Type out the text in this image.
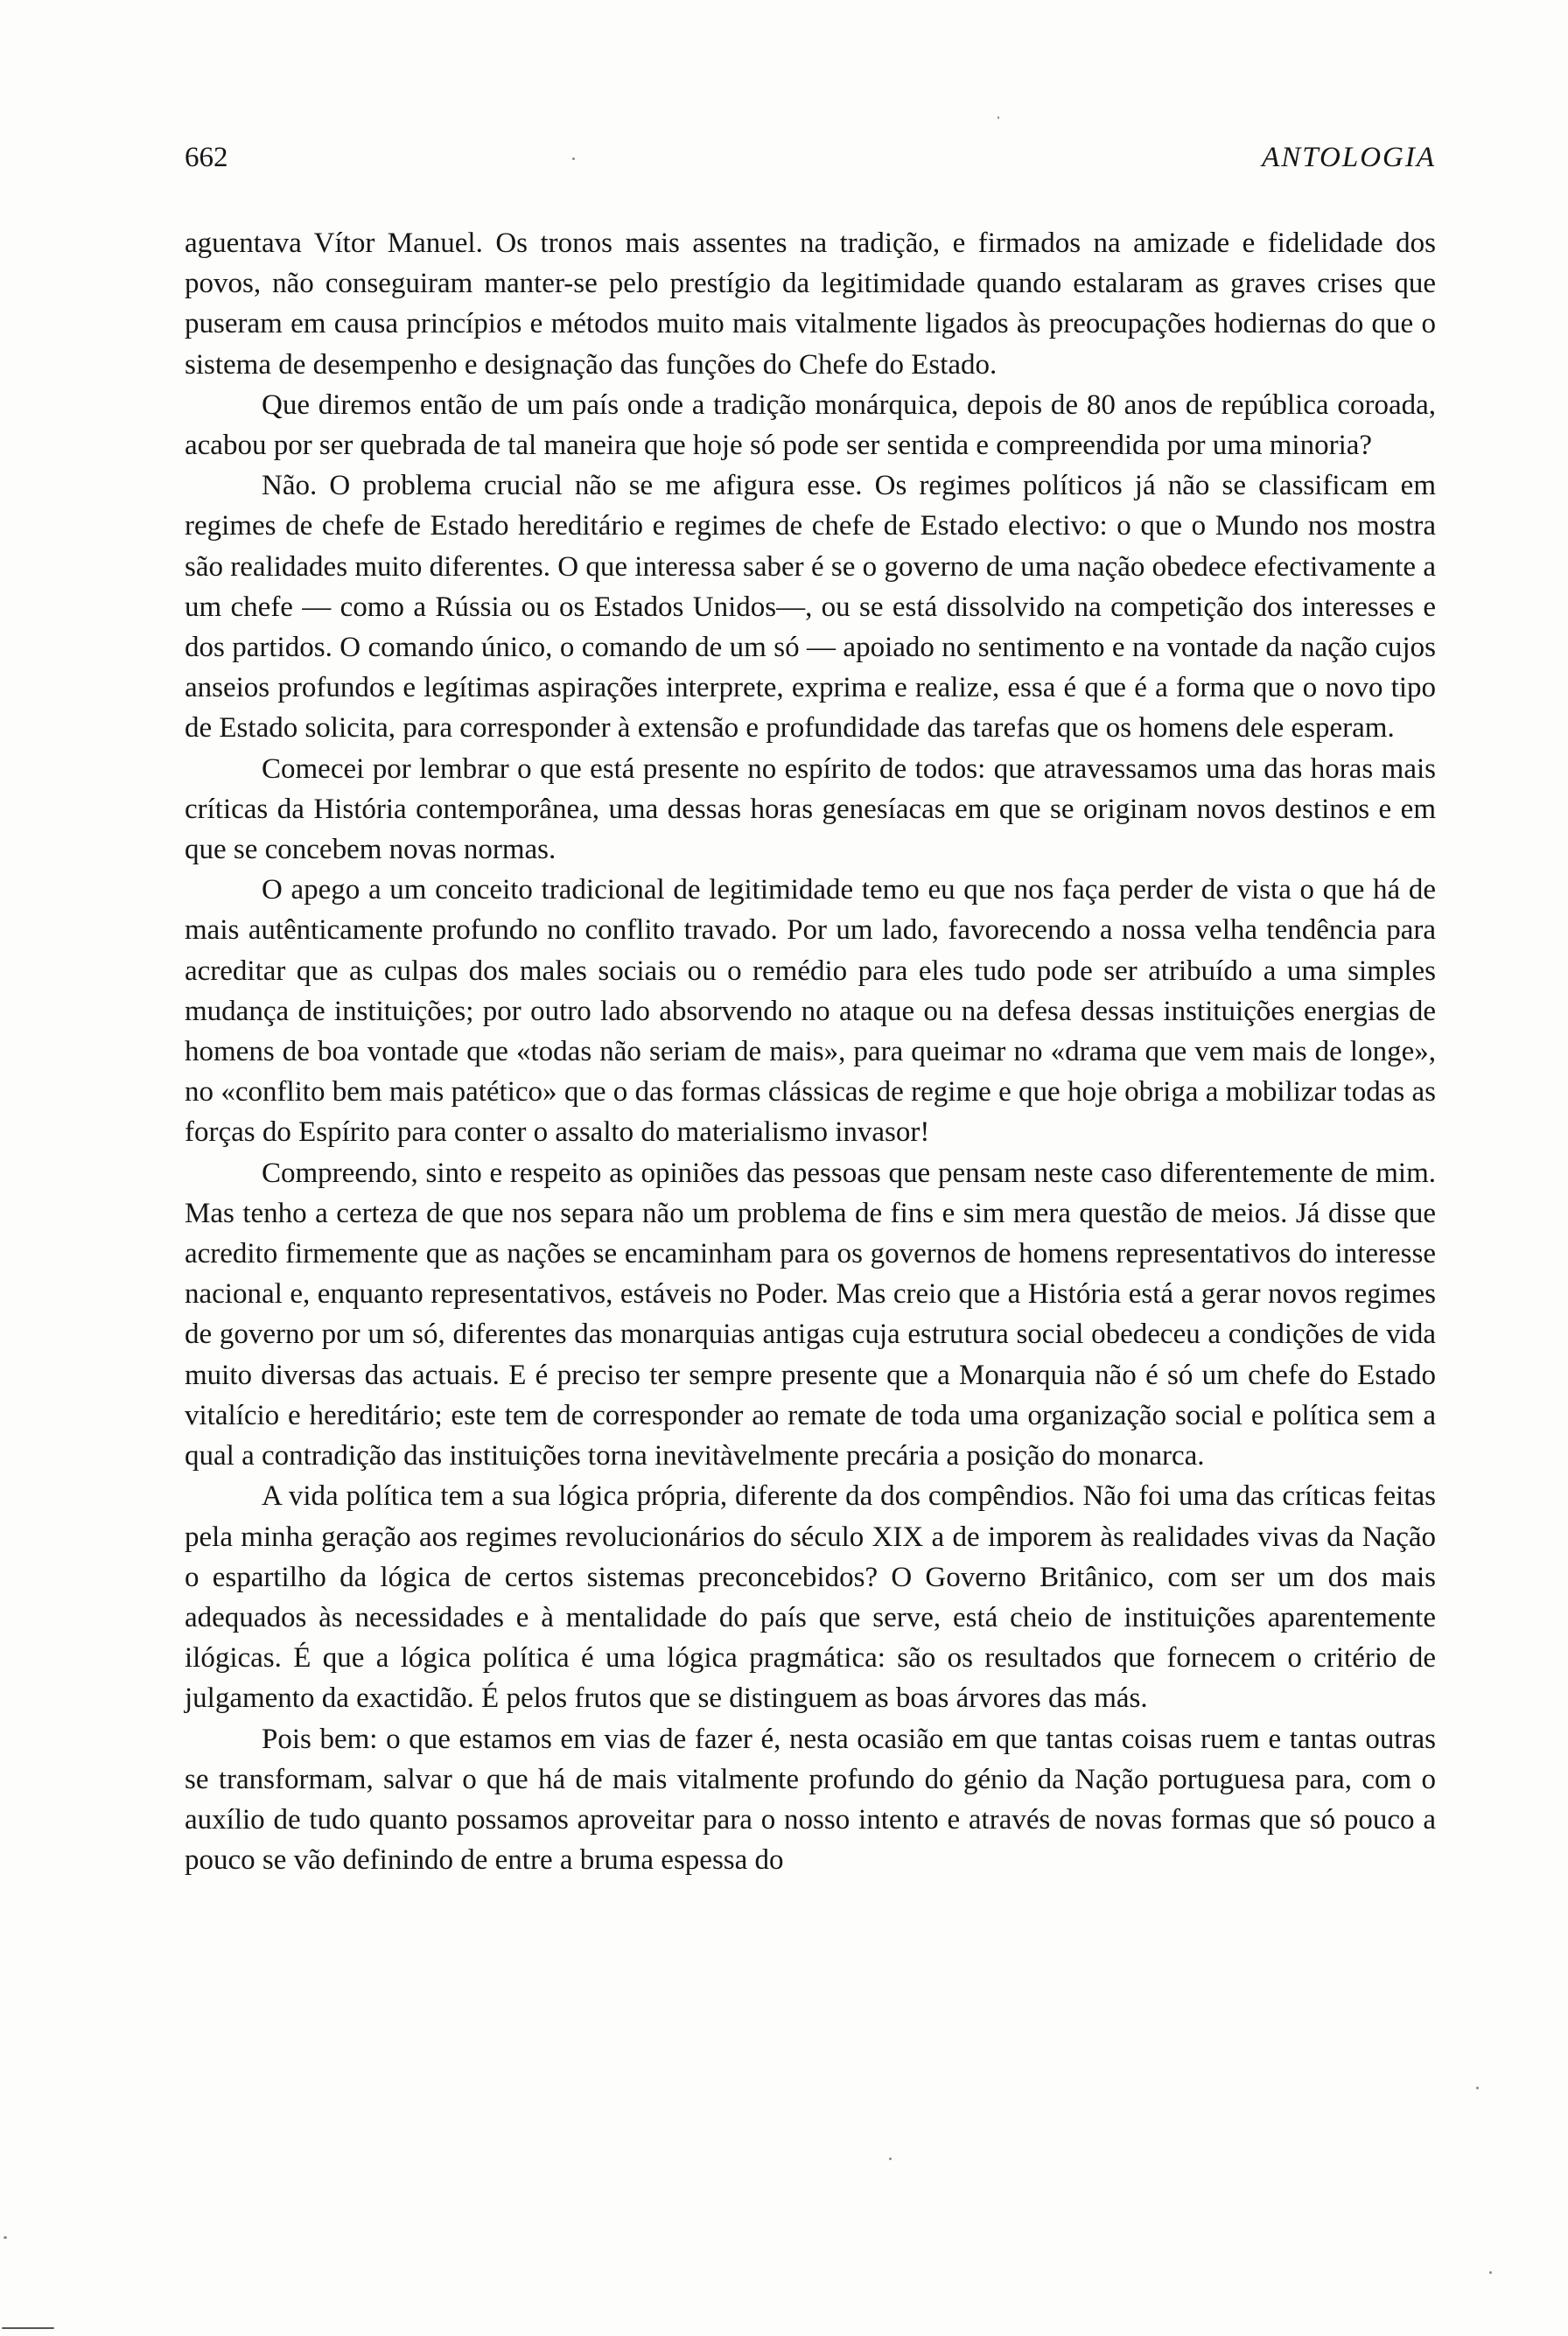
662	ANTOLOGIA

aguentava Vítor Manuel. Os tronos mais assentes na tradição, e firmados na amizade e fidelidade dos povos, não conseguiram manter-se pelo prestígio da legitimidade quando estalaram as graves crises que puseram em causa princípios e métodos muito mais vitalmente ligados às preocupações hodiernas do que o sistema de desempenho e designação das funções do Chefe do Estado.

Que diremos então de um país onde a tradição monárquica, depois de 80 anos de república coroada, acabou por ser quebrada de tal maneira que hoje só pode ser sentida e compreendida por uma minoria?

Não. O problema crucial não se me afigura esse. Os regimes políticos já não se classificam em regimes de chefe de Estado hereditário e regimes de chefe de Estado electivo: o que o Mundo nos mostra são realidades muito diferentes. O que interessa saber é se o governo de uma nação obedece efectivamente a um chefe — como a Rússia ou os Estados Unidos—, ou se está dissolvido na competição dos interesses e dos partidos. O comando único, o comando de um só — apoiado no sentimento e na vontade da nação cujos anseios profundos e legítimas aspirações interprete, exprima e realize, essa é que é a forma que o novo tipo de Estado solicita, para corresponder à extensão e profundidade das tarefas que os homens dele esperam.

Comecei por lembrar o que está presente no espírito de todos: que atravessamos uma das horas mais críticas da História contemporânea, uma dessas horas genesíacas em que se originam novos destinos e em que se concebem novas normas.

O apego a um conceito tradicional de legitimidade temo eu que nos faça perder de vista o que há de mais autênticamente profundo no conflito travado. Por um lado, favorecendo a nossa velha tendência para acreditar que as culpas dos males sociais ou o remédio para eles tudo pode ser atribuído a uma simples mudança de instituições; por outro lado absorvendo no ataque ou na defesa dessas instituições energias de homens de boa vontade que «todas não seriam de mais», para queimar no «drama que vem mais de longe», no «conflito bem mais patético» que o das formas clássicas de regime e que hoje obriga a mobilizar todas as forças do Espírito para conter o assalto do materialismo invasor!

Compreendo, sinto e respeito as opiniões das pessoas que pensam neste caso diferentemente de mim. Mas tenho a certeza de que nos separa não um problema de fins e sim mera questão de meios. Já disse que acredito firmemente que as nações se encaminham para os governos de homens representativos do interesse nacional e, enquanto representativos, estáveis no Poder. Mas creio que a História está a gerar novos regimes de governo por um só, diferentes das monarquias antigas cuja estrutura social obedeceu a condições de vida muito diversas das actuais. E é preciso ter sempre presente que a Monarquia não é só um chefe do Estado vitalício e hereditário; este tem de corresponder ao remate de toda uma organização social e política sem a qual a contradição das instituições torna inevitàvelmente precária a posição do monarca.

A vida política tem a sua lógica própria, diferente da dos compêndios. Não foi uma das críticas feitas pela minha geração aos regimes revolucionários do século XIX a de imporem às realidades vivas da Nação o espartilho da lógica de certos sistemas preconcebidos? O Governo Britânico, com ser um dos mais adequados às necessidades e à mentalidade do país que serve, está cheio de instituições aparentemente ilógicas. É que a lógica política é uma lógica pragmática: são os resultados que fornecem o critério de julgamento da exactidão. É pelos frutos que se distinguem as boas árvores das más.

Pois bem: o que estamos em vias de fazer é, nesta ocasião em que tantas coisas ruem e tantas outras se transformam, salvar o que há de mais vitalmente profundo do génio da Nação portuguesa para, com o auxílio de tudo quanto possamos aproveitar para o nosso intento e através de novas formas que só pouco a pouco se vão definindo de entre a bruma espessa do
